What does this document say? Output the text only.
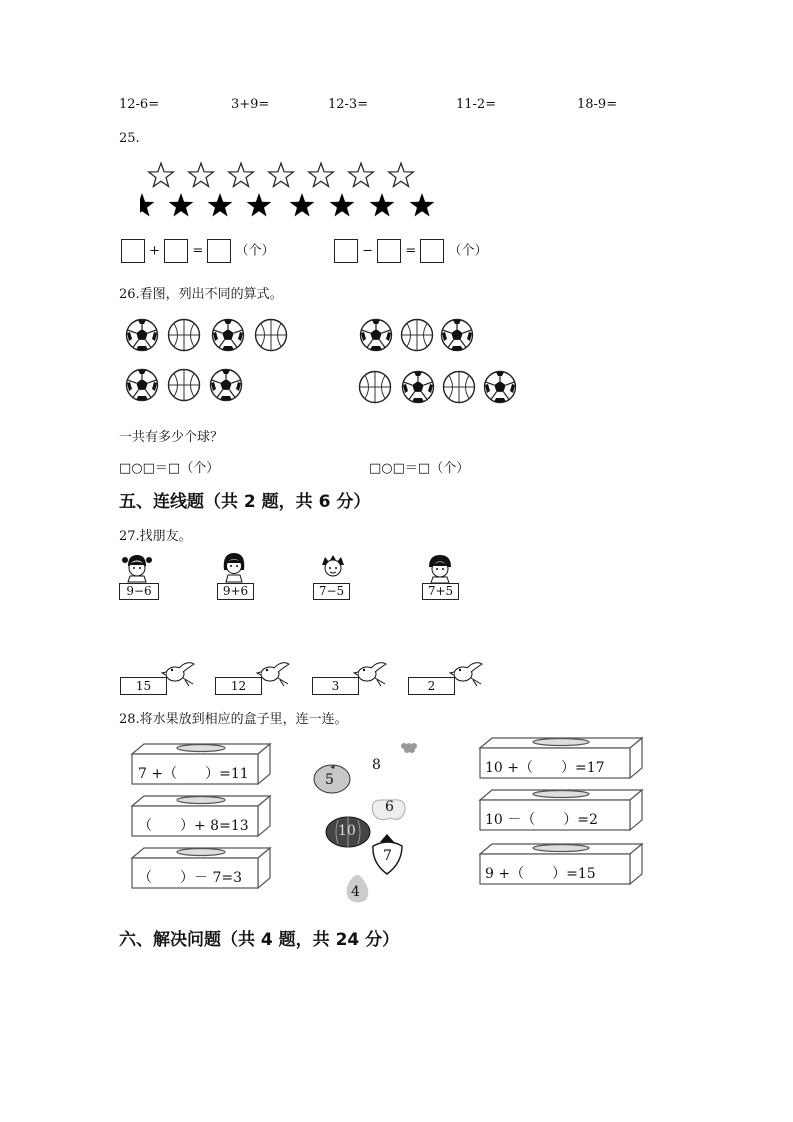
12-6=	3+9=	12-3=	11-2=	18-9=
25.
+ = （个）	− = （个）
26.看图，列出不同的算式。
一共有多少个球？
□○□＝□（个）	□○□＝□（个）
五、连线题（共 2 题，共 6 分）
27.找朋友。
9−6	9+6	7−5	7+5
15	12	3	2
28.将水果放到相应的盒子里，连一连。
7 +（　　）=11
（　　）+ 8=13
（　　）－ 7=3
8
5
6
10
7
4
10 +（　　）=17
10 －（　　）=2
9 +（　　）=15
六、解决问题（共 4 题，共 24 分）
